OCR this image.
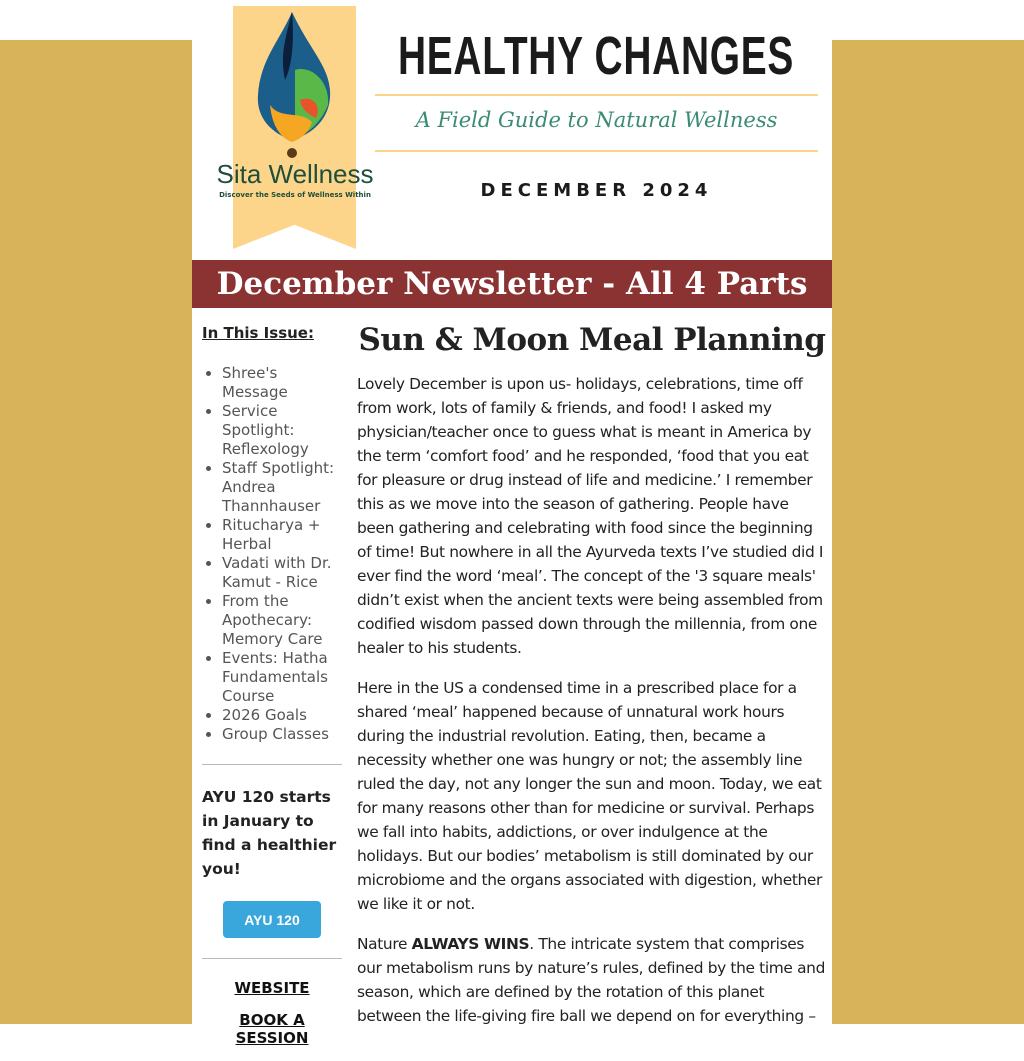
Sita Wellness
Discover the Seeds of Wellness Within
HEALTHY CHANGES
A Field Guide to Natural Wellness
DECEMBER 2024
December Newsletter - All 4 Parts
In This Issue:
• Shree's Message
• Service Spotlight: Reflexology
• Staff Spotlight: Andrea Thannhauser
• Ritucharya + Herbal
• Vadati with Dr. Kamut - Rice
• From the Apothecary: Memory Care
• Events: Hatha Fundamentals Course
• 2026 Goals
• Group Classes
AYU 120 starts in January to find a healthier you!
AYU 120
WEBSITE
BOOK A SESSION
Sun & Moon Meal Planning

Lovely December is upon us- holidays, celebrations, time off from work, lots of family & friends, and food! I asked my physician/teacher once to guess what is meant in America by the term ‘comfort food’ and he responded, ‘food that you eat for pleasure or drug instead of life and medicine.’ I remember this as we move into the season of gathering. People have been gathering and celebrating with food since the beginning of time! But nowhere in all the Ayurveda texts I’ve studied did I ever find the word ‘meal’. The concept of the '3 square meals' didn’t exist when the ancient texts were being assembled from codified wisdom passed down through the millennia, from one healer to his students.

Here in the US a condensed time in a prescribed place for a shared ‘meal’ happened because of unnatural work hours during the industrial revolution. Eating, then, became a necessity whether one was hungry or not; the assembly line ruled the day, not any longer the sun and moon. Today, we eat for many reasons other than for medicine or survival. Perhaps we fall into habits, addictions, or over indulgence at the holidays. But our bodies’ metabolism is still dominated by our microbiome and the organs associated with digestion, whether we like it or not.

Nature ALWAYS WINS. The intricate system that comprises our metabolism runs by nature’s rules, defined by the time and season, which are defined by the rotation of this planet between the life-giving fire ball we depend on for everything –
